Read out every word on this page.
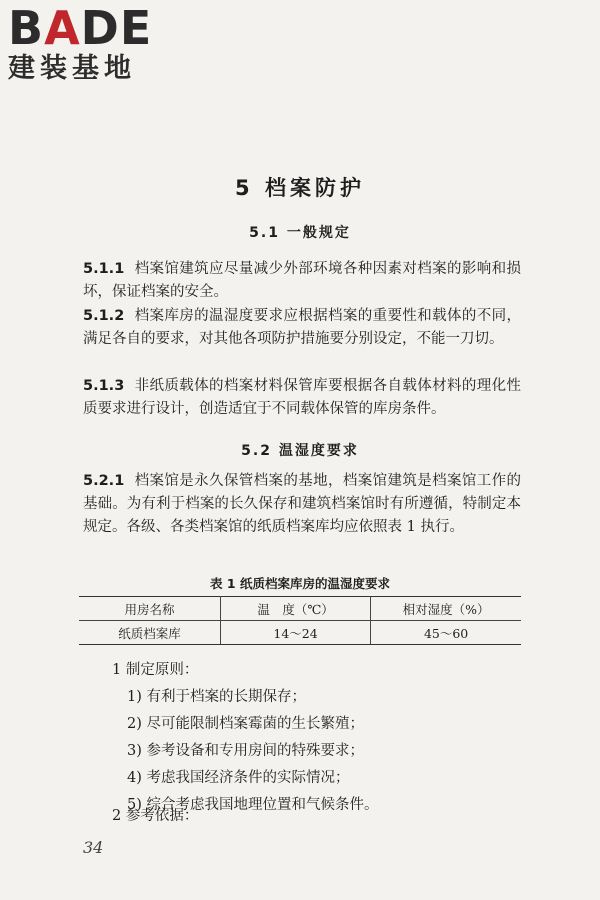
BADE
建装基地
5 档案防护
5.1 一般规定
5.1.1 档案馆建筑应尽量减少外部环境各种因素对档案的影响和损坏，保证档案的安全。
5.1.2 档案库房的温湿度要求应根据档案的重要性和载体的不同，满足各自的要求，对其他各项防护措施要分别设定，不能一刀切。
5.1.3 非纸质载体的档案材料保管库要根据各自载体材料的理化性质要求进行设计，创造适宜于不同载体保管的库房条件。
5.2 温湿度要求
5.2.1 档案馆是永久保管档案的基地，档案馆建筑是档案馆工作的基础。为有利于档案的长久保存和建筑档案馆时有所遵循，特制定本规定。各级、各类档案馆的纸质档案库均应依照表 1 执行。
表 1 纸质档案库房的温湿度要求
用房名称	温　度（℃）	相对湿度（%）
纸质档案库	14～24	45～60
1 制定原则：
1) 有利于档案的长期保存；
2) 尽可能限制档案霉菌的生长繁殖；
3) 参考设备和专用房间的特殊要求；
4) 考虑我国经济条件的实际情况；
5) 综合考虑我国地理位置和气候条件。
2 参考依据：
34
